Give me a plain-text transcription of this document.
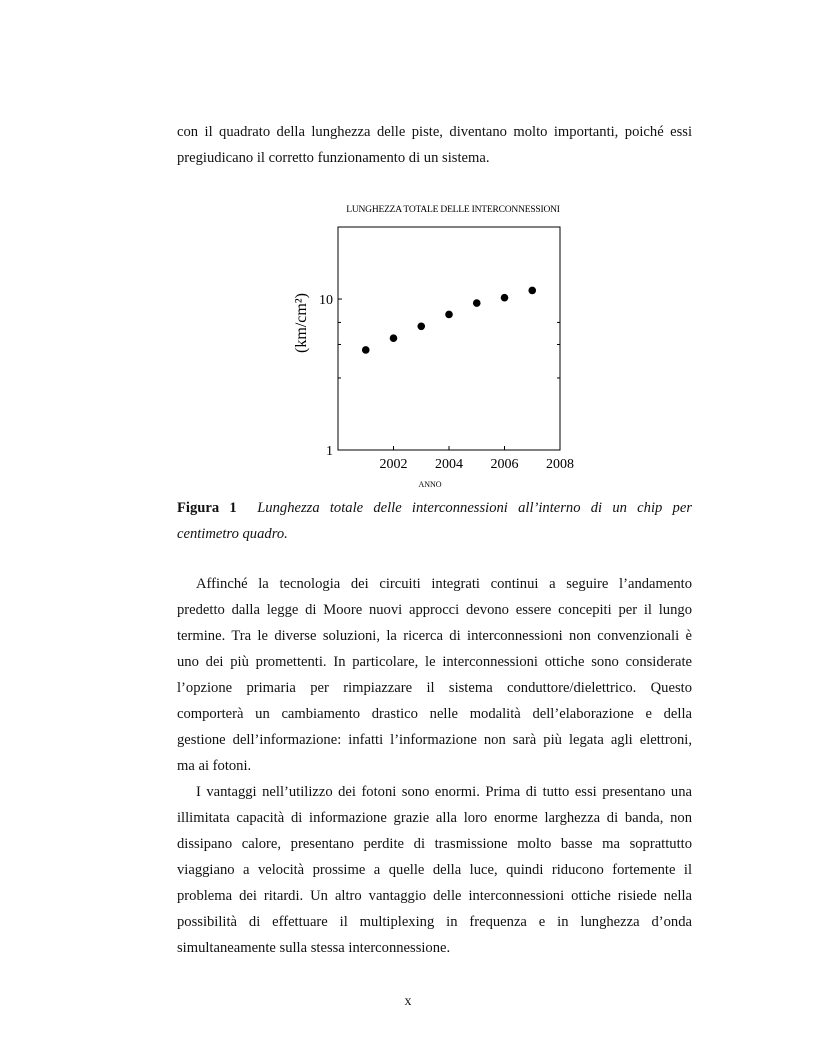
con il quadrato della lunghezza delle piste, diventano molto importanti, poiché essi
pregiudicano il corretto funzionamento di un sistema.
LUNGHEZZA TOTALE DELLE INTERCONNESSIONI
2002 2004 2006 2008
1
10
ANNO
(km/cm²)
Figura 1 Lunghezza totale delle interconnessioni all’interno di un chip per
centimetro quadro.
Affinché la tecnologia dei circuiti integrati continui a seguire l’andamento
predetto dalla legge di Moore nuovi approcci devono essere concepiti per il lungo
termine. Tra le diverse soluzioni, la ricerca di interconnessioni non convenzionali è
uno dei più promettenti. In particolare, le interconnessioni ottiche sono considerate
l’opzione primaria per rimpiazzare il sistema conduttore/dielettrico. Questo
comporterà un cambiamento drastico nelle modalità dell’elaborazione e della
gestione dell’informazione: infatti l’informazione non sarà più legata agli elettroni,
ma ai fotoni.
I vantaggi nell’utilizzo dei fotoni sono enormi. Prima di tutto essi presentano una
illimitata capacità di informazione grazie alla loro enorme larghezza di banda, non
dissipano calore, presentano perdite di trasmissione molto basse ma soprattutto
viaggiano a velocità prossime a quelle della luce, quindi riducono fortemente il
problema dei ritardi. Un altro vantaggio delle interconnessioni ottiche risiede nella
possibilità di effettuare il multiplexing in frequenza e in lunghezza d’onda
simultaneamente sulla stessa interconnessione.
x
